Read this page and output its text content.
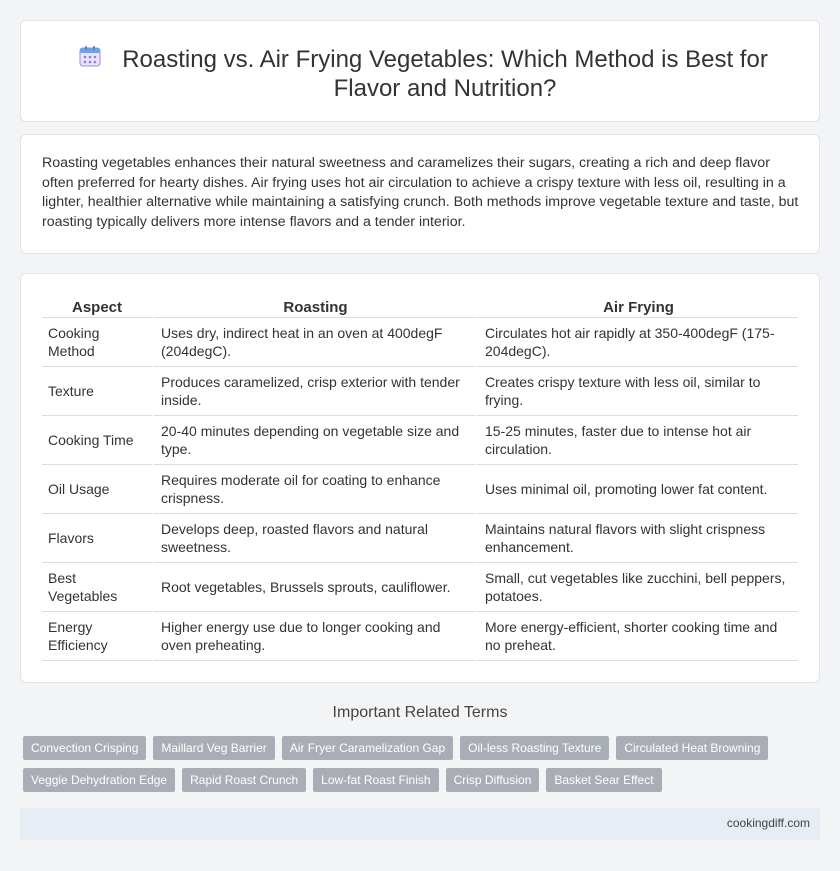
Roasting vs. Air Frying Vegetables: Which Method is Best for Flavor and Nutrition?

Roasting vegetables enhances their natural sweetness and caramelizes their sugars, creating a rich and deep flavor often preferred for hearty dishes. Air frying uses hot air circulation to achieve a crispy texture with less oil, resulting in a lighter, healthier alternative while maintaining a satisfying crunch. Both methods improve vegetable texture and taste, but roasting typically delivers more intense flavors and a tender interior.

Aspect	Roasting	Air Frying
Cooking Method	Uses dry, indirect heat in an oven at 400degF (204degC).	Circulates hot air rapidly at 350-400degF (175-204degC).
Texture	Produces caramelized, crisp exterior with tender inside.	Creates crispy texture with less oil, similar to frying.
Cooking Time	20-40 minutes depending on vegetable size and type.	15-25 minutes, faster due to intense hot air circulation.
Oil Usage	Requires moderate oil for coating to enhance crispness.	Uses minimal oil, promoting lower fat content.
Flavors	Develops deep, roasted flavors and natural sweetness.	Maintains natural flavors with slight crispness enhancement.
Best Vegetables	Root vegetables, Brussels sprouts, cauliflower.	Small, cut vegetables like zucchini, bell peppers, potatoes.
Energy Efficiency	Higher energy use due to longer cooking and oven preheating.	More energy-efficient, shorter cooking time and no preheat.
Important Related Terms
Convection Crisping	Maillard Veg Barrier	Air Fryer Caramelization Gap	Oil-less Roasting Texture	Circulated Heat Browning
Veggie Dehydration Edge	Rapid Roast Crunch	Low-fat Roast Finish	Crisp Diffusion	Basket Sear Effect
cookingdiff.com
